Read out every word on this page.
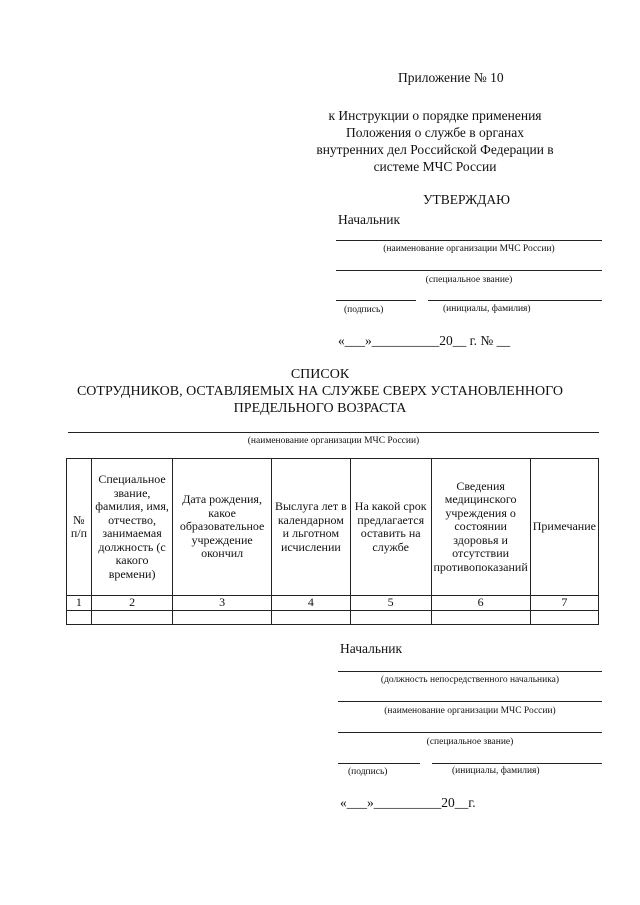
Приложение № 10
к Инструкции о порядке применения
Положения о службе в органах
внутренних дел Российской Федерации в
системе МЧС России
УТВЕРЖДАЮ
Начальник
(наименование организации МЧС России)
(специальное звание)
(подпись)	(инициалы, фамилия)
«___»__________20__ г. № __
СПИСОК
СОТРУДНИКОВ, ОСТАВЛЯЕМЫХ НА СЛУЖБЕ СВЕРХ УСТАНОВЛЕННОГО
ПРЕДЕЛЬНОГО ВОЗРАСТА
(наименование организации МЧС России)
№ п/п	Специальное звание, фамилия, имя, отчество, занимаемая должность (с какого времени)	Дата рождения, какое образовательное учреждение окончил	Выслуга лет в календарном и льготном исчислении	На какой срок предлагается оставить на службе	Сведения медицинского учреждения о состоянии здоровья и отсутствии противопоказаний	Примечание
1	2	3	4	5	6	7

Начальник
(должность непосредственного начальника)
(наименование организации МЧС России)
(специальное звание)
(подпись)	(инициалы, фамилия)
«___»__________20__г.
